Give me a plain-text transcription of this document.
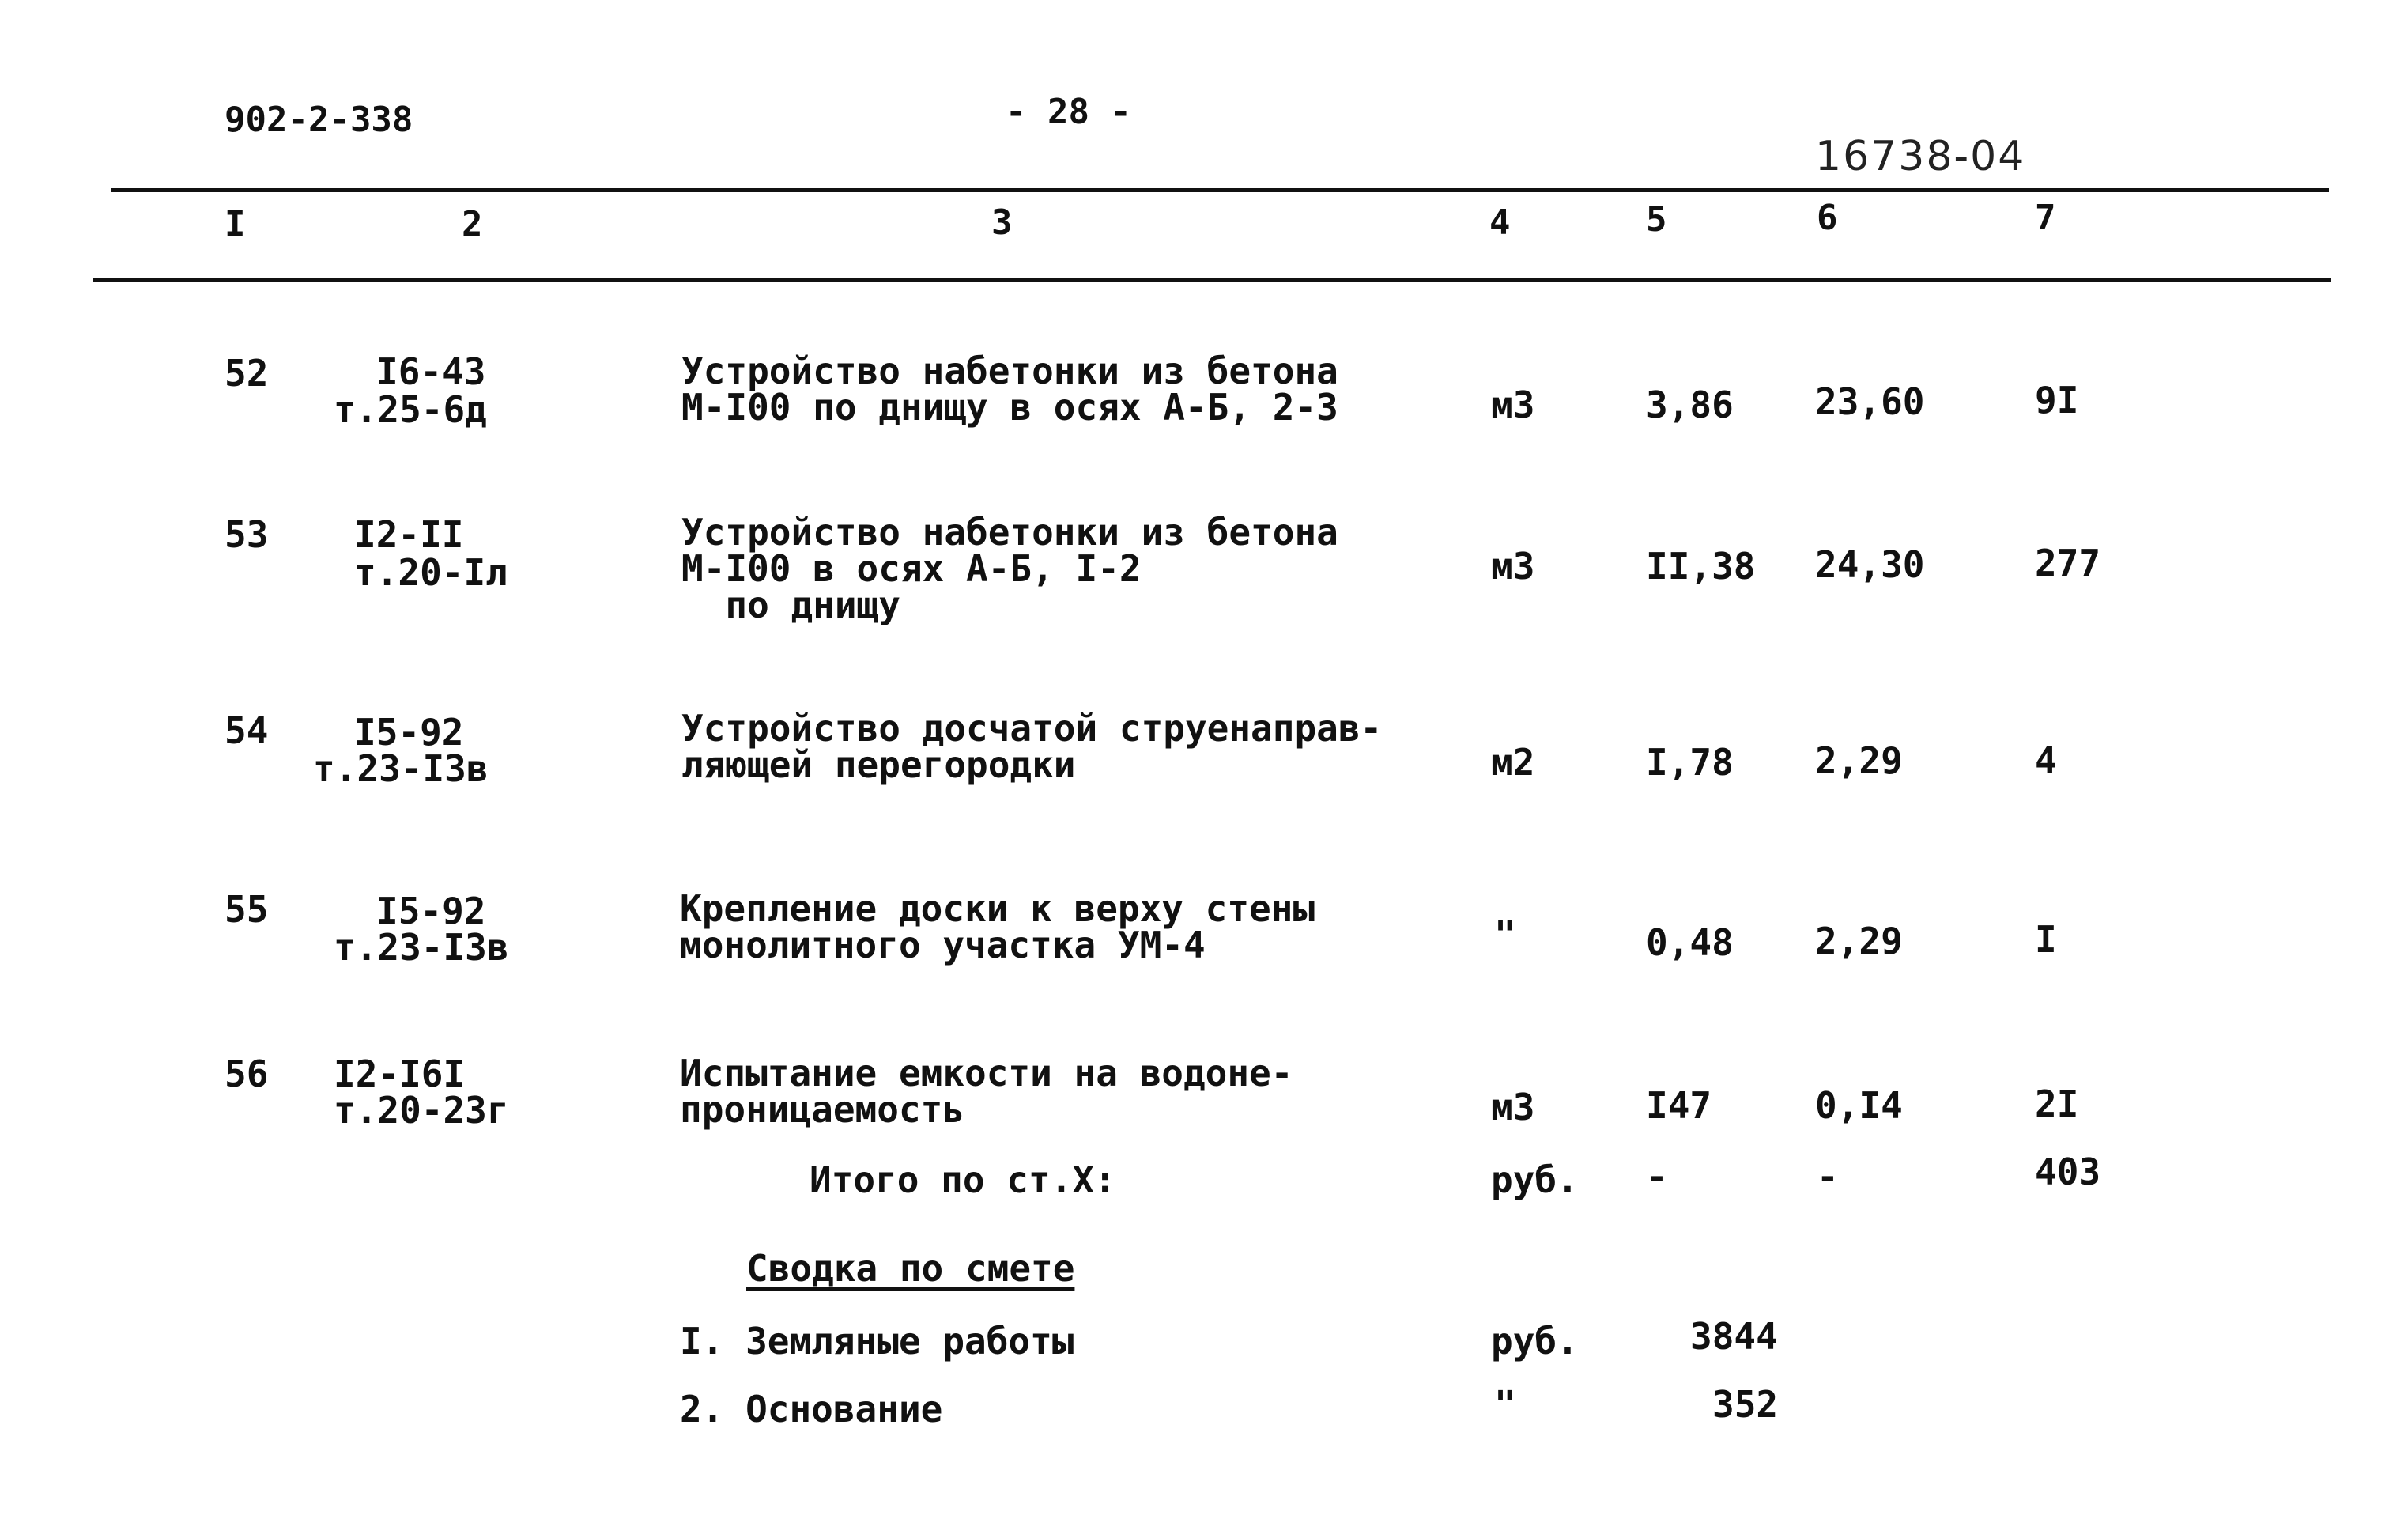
902-2-338	- 28 -
16738-04
I	2	3	4	5	6	7
52	I6-43
т.25-6д
Устройство набетонки из бетона
М-I00 по днищу в осях А-Б, 2-3	м3	3,86 23,60	9I
53 I2-II
т.20-Iл
Устройство набетонки из бетона
М-I00 в осях А-Б, I-2
по днищу
м3	II,38 24,30	277
54 I5-92
т.23-I3в
Устройство досчатой струенаправ-
ляющей перегородки	м2	I,78 2,29	4
55	I5-92
т.23-I3в
Крепление доски к верху стены
монолитного участка УМ-4	"	0,48 2,29	I
56 I2-I6I
т.20-23г
Испытание емкости на водоне-
проницаемость	м3	I47	0,I4	2I
Итого по ст.Х:	руб. -	-	403
Сводка по смете
I. Земляные работы	руб.	3844
2. Основание	"	352
